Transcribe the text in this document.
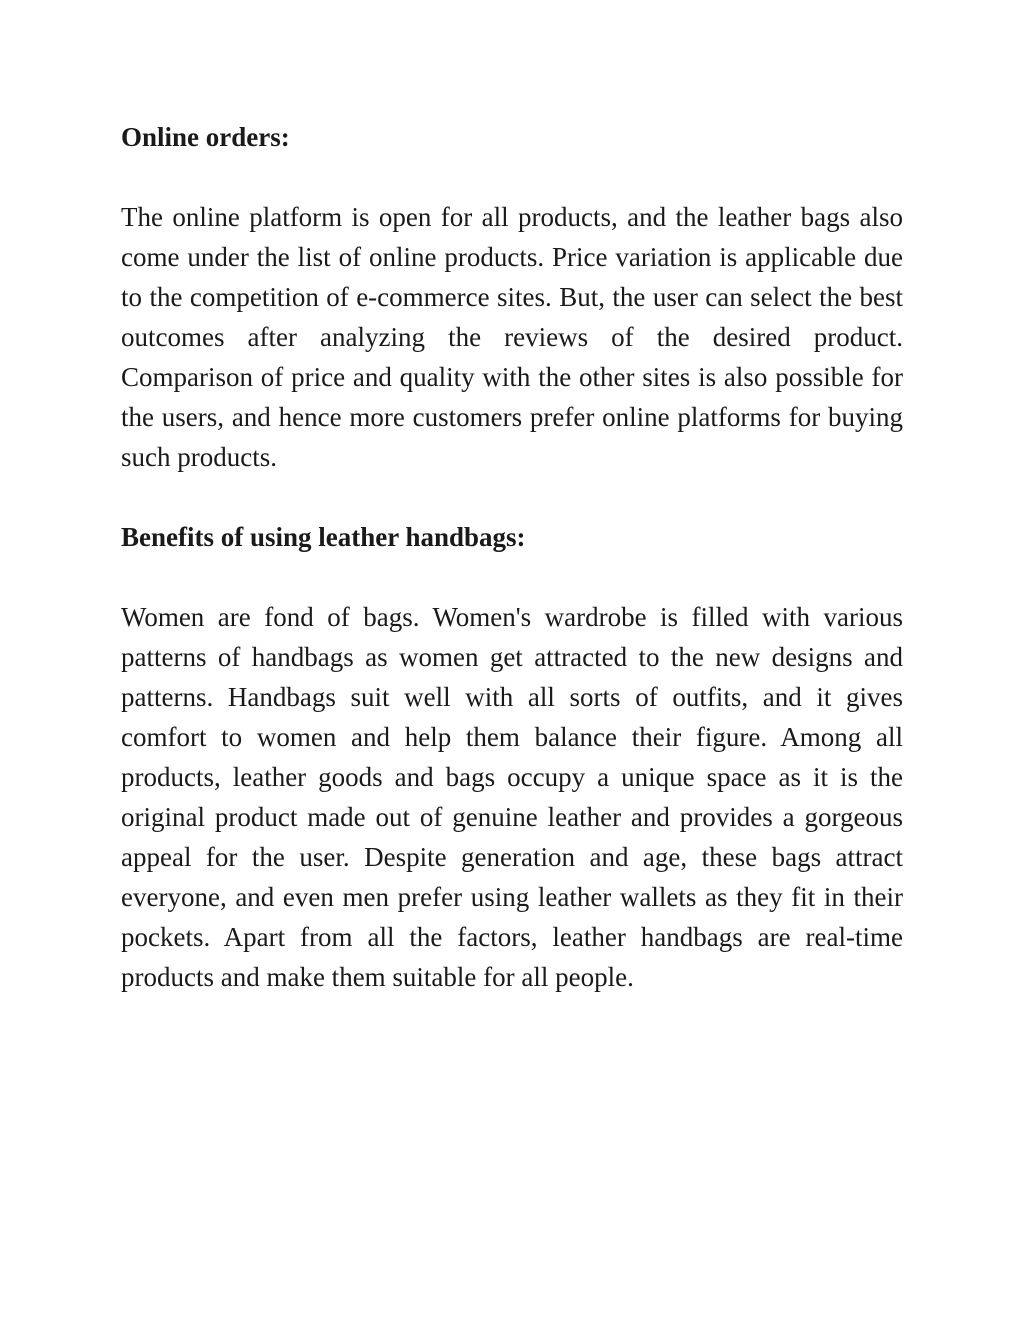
Online orders:

The online platform is open for all products, and the leather bags also come under the list of online products. Price variation is applicable due to the competition of e-commerce sites. But, the user can select the best outcomes after analyzing the reviews of the desired product. Comparison of price and quality with the other sites is also possible for the users, and hence more customers prefer online platforms for buying such products.

Benefits of using leather handbags:

Women are fond of bags. Women's wardrobe is filled with various patterns of handbags as women get attracted to the new designs and patterns. Handbags suit well with all sorts of outfits, and it gives comfort to women and help them balance their figure. Among all products, leather goods and bags occupy a unique space as it is the original product made out of genuine leather and provides a gorgeous appeal for the user. Despite generation and age, these bags attract everyone, and even men prefer using leather wallets as they fit in their pockets. Apart from all the factors, leather handbags are real-time products and make them suitable for all people.
